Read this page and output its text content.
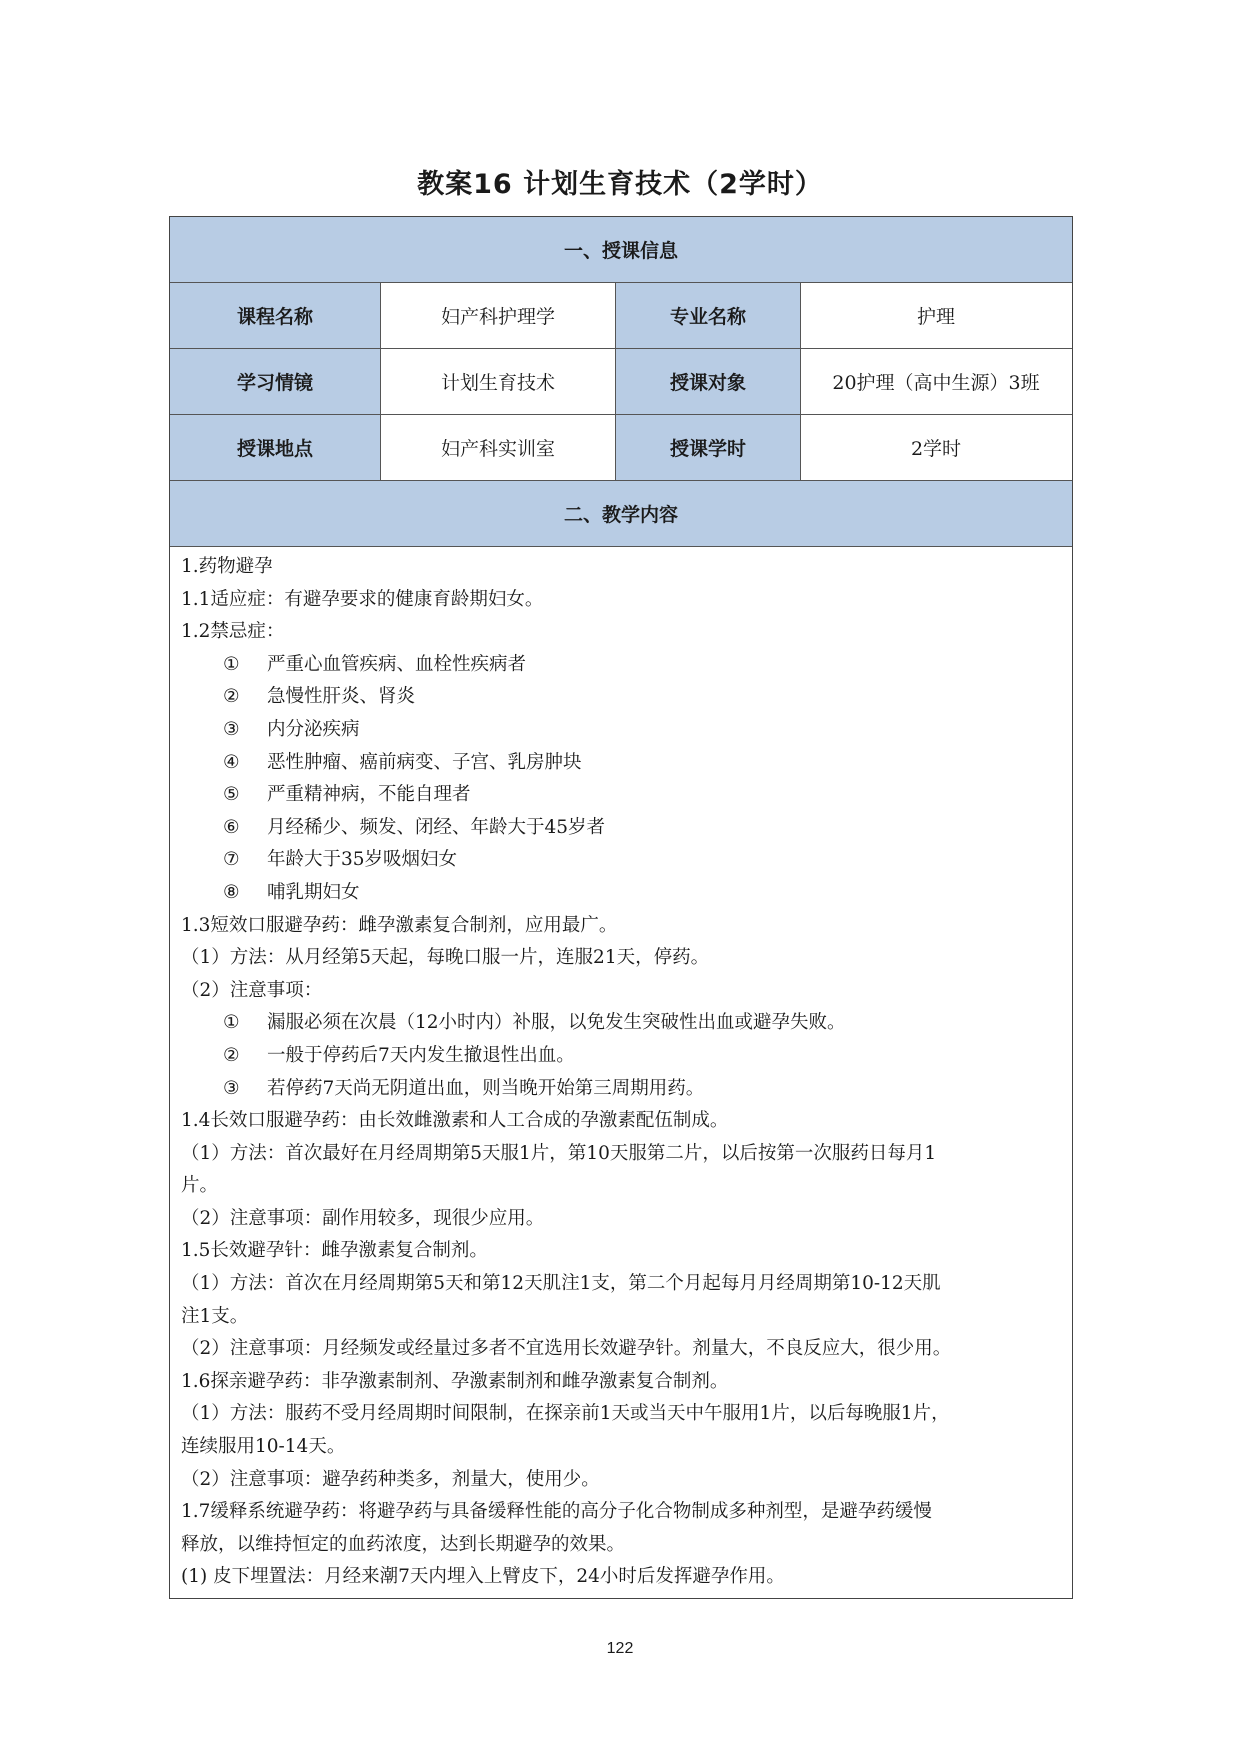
教案16 计划生育技术（2学时）
一、授课信息
课程名称	妇产科护理学	专业名称	护理
学习情镜	计划生育技术	授课对象	20护理（高中生源）3班
授课地点	妇产科实训室	授课学时	2学时
二、教学内容
1.药物避孕
1.1适应症：有避孕要求的健康育龄期妇女。
1.2禁忌症：
① 严重心血管疾病、血栓性疾病者
② 急慢性肝炎、肾炎
③ 内分泌疾病
④ 恶性肿瘤、癌前病变、子宫、乳房肿块
⑤ 严重精神病，不能自理者
⑥ 月经稀少、频发、闭经、年龄大于45岁者
⑦ 年龄大于35岁吸烟妇女
⑧ 哺乳期妇女
1.3短效口服避孕药：雌孕激素复合制剂，应用最广。
（1）方法：从月经第5天起，每晚口服一片，连服21天，停药。
（2）注意事项：
① 漏服必须在次晨（12小时内）补服，以免发生突破性出血或避孕失败。
② 一般于停药后7天内发生撤退性出血。
③ 若停药7天尚无阴道出血，则当晚开始第三周期用药。
1.4长效口服避孕药：由长效雌激素和人工合成的孕激素配伍制成。
（1）方法：首次最好在月经周期第5天服1片，第10天服第二片，以后按第一次服药日每月1
片。
（2）注意事项：副作用较多，现很少应用。
1.5长效避孕针：雌孕激素复合制剂。
（1）方法：首次在月经周期第5天和第12天肌注1支，第二个月起每月月经周期第10-12天肌
注1支。
（2）注意事项：月经频发或经量过多者不宜选用长效避孕针。剂量大，不良反应大，很少用。
1.6探亲避孕药：非孕激素制剂、孕激素制剂和雌孕激素复合制剂。
（1）方法：服药不受月经周期时间限制，在探亲前1天或当天中午服用1片，以后每晚服1片，
连续服用10-14天。
（2）注意事项：避孕药种类多，剂量大，使用少。
1.7缓释系统避孕药：将避孕药与具备缓释性能的高分子化合物制成多种剂型，是避孕药缓慢
释放，以维持恒定的血药浓度，达到长期避孕的效果。
(1) 皮下埋置法：月经来潮7天内埋入上臂皮下，24小时后发挥避孕作用。
122
